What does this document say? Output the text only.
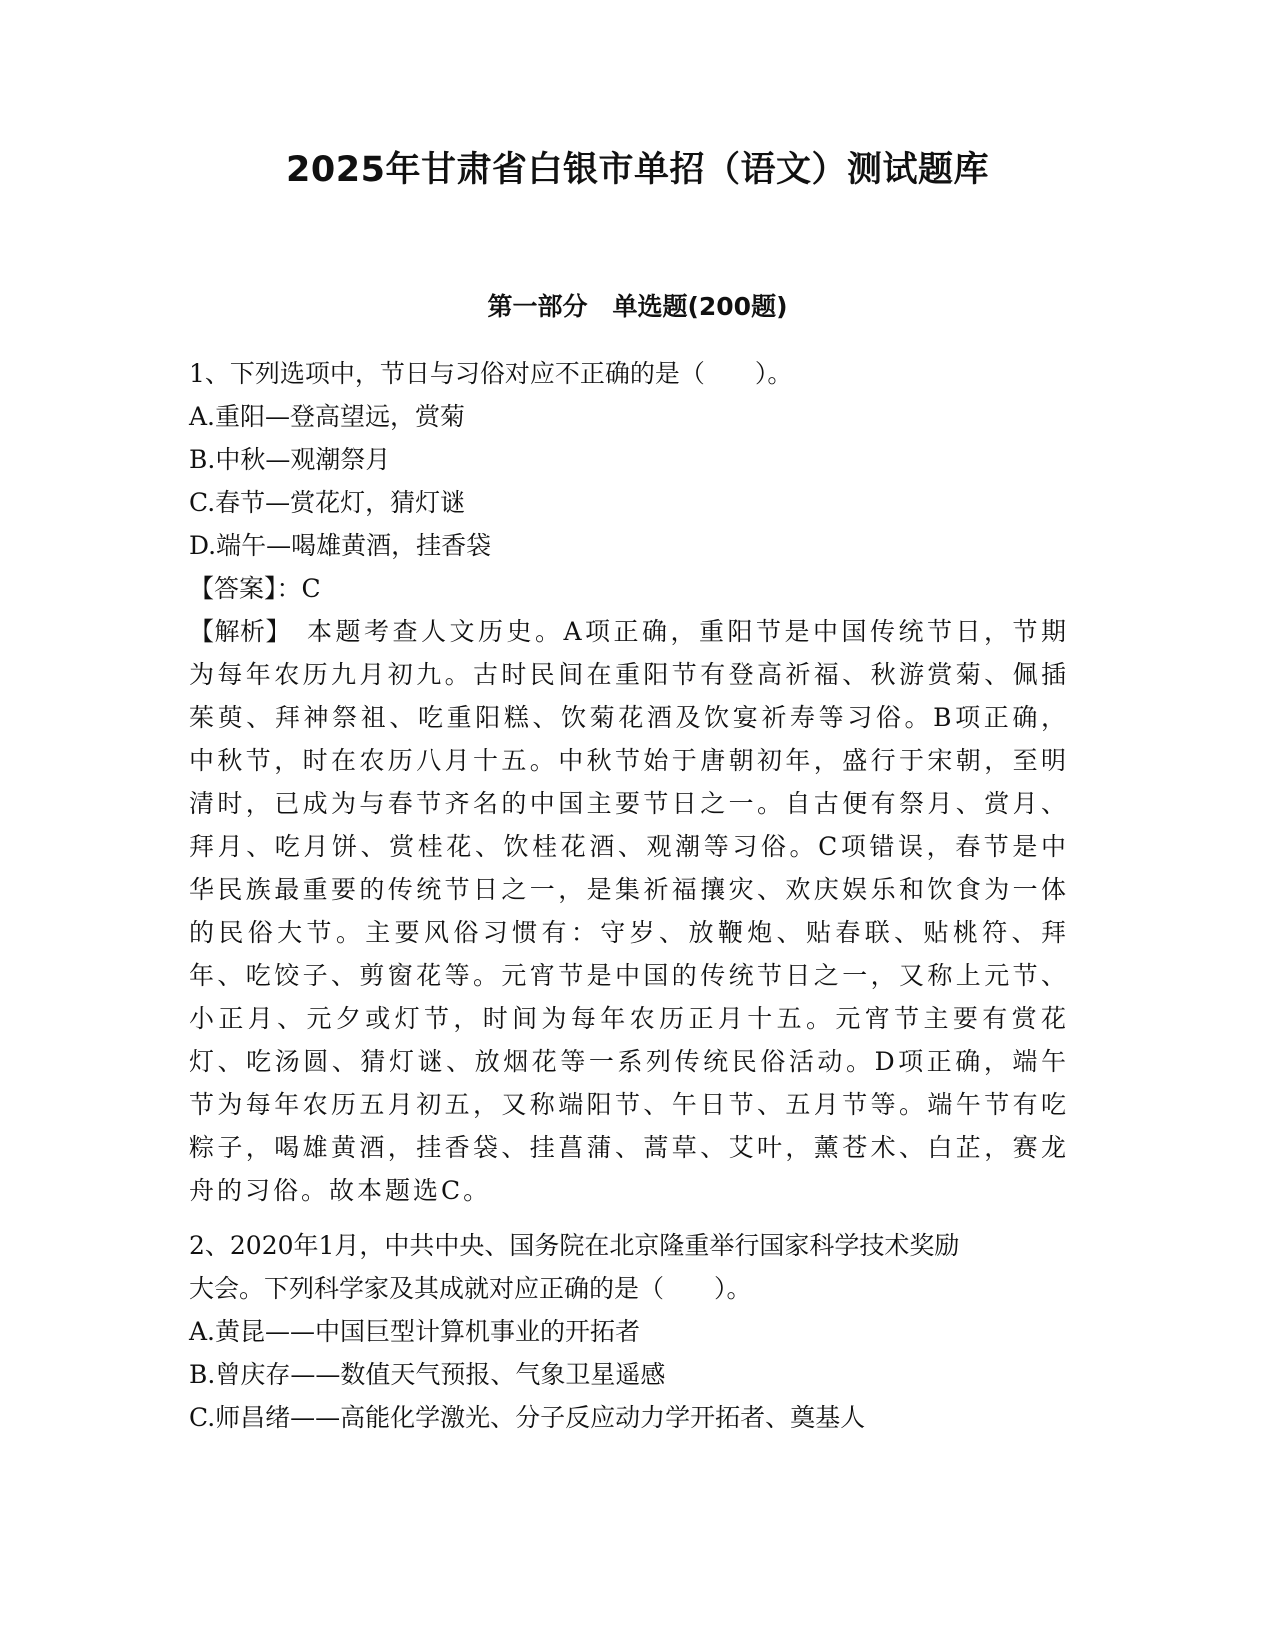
2025年甘肃省白银市单招（语文）测试题库
第一部分　单选题(200题)
1、下列选项中，节日与习俗对应不正确的是（　　）。
A.重阳—登高望远，赏菊
B.中秋—观潮祭月
C.春节—赏花灯，猜灯谜
D.端午—喝雄黄酒，挂香袋
【答案】：C
【解析】　本题考查人文历史。A项正确，重阳节是中国传统节日，节期为每年农历九月初九。古时民间在重阳节有登高祈福、秋游赏菊、佩插茱萸、拜神祭祖、吃重阳糕、饮菊花酒及饮宴祈寿等习俗。B项正确，中秋节，时在农历八月十五。中秋节始于唐朝初年，盛行于宋朝，至明清时，已成为与春节齐名的中国主要节日之一。自古便有祭月、赏月、拜月、吃月饼、赏桂花、饮桂花酒、观潮等习俗。C项错误，春节是中华民族最重要的传统节日之一，是集祈福攘灾、欢庆娱乐和饮食为一体的民俗大节。主要风俗习惯有：守岁、放鞭炮、贴春联、贴桃符、拜年、吃饺子、剪窗花等。元宵节是中国的传统节日之一，又称上元节、小正月、元夕或灯节，时间为每年农历正月十五。元宵节主要有赏花灯、吃汤圆、猜灯谜、放烟花等一系列传统民俗活动。D项正确，端午节为每年农历五月初五，又称端阳节、午日节、五月节等。端午节有吃粽子，喝雄黄酒，挂香袋、挂菖蒲、蒿草、艾叶，薰苍术、白芷，赛龙舟的习俗。故本题选C。
2、2020年1月，中共中央、国务院在北京隆重举行国家科学技术奖励
大会。下列科学家及其成就对应正确的是（　　）。
A.黄昆——中国巨型计算机事业的开拓者
B.曾庆存——数值天气预报、气象卫星遥感
C.师昌绪——高能化学激光、分子反应动力学开拓者、奠基人
